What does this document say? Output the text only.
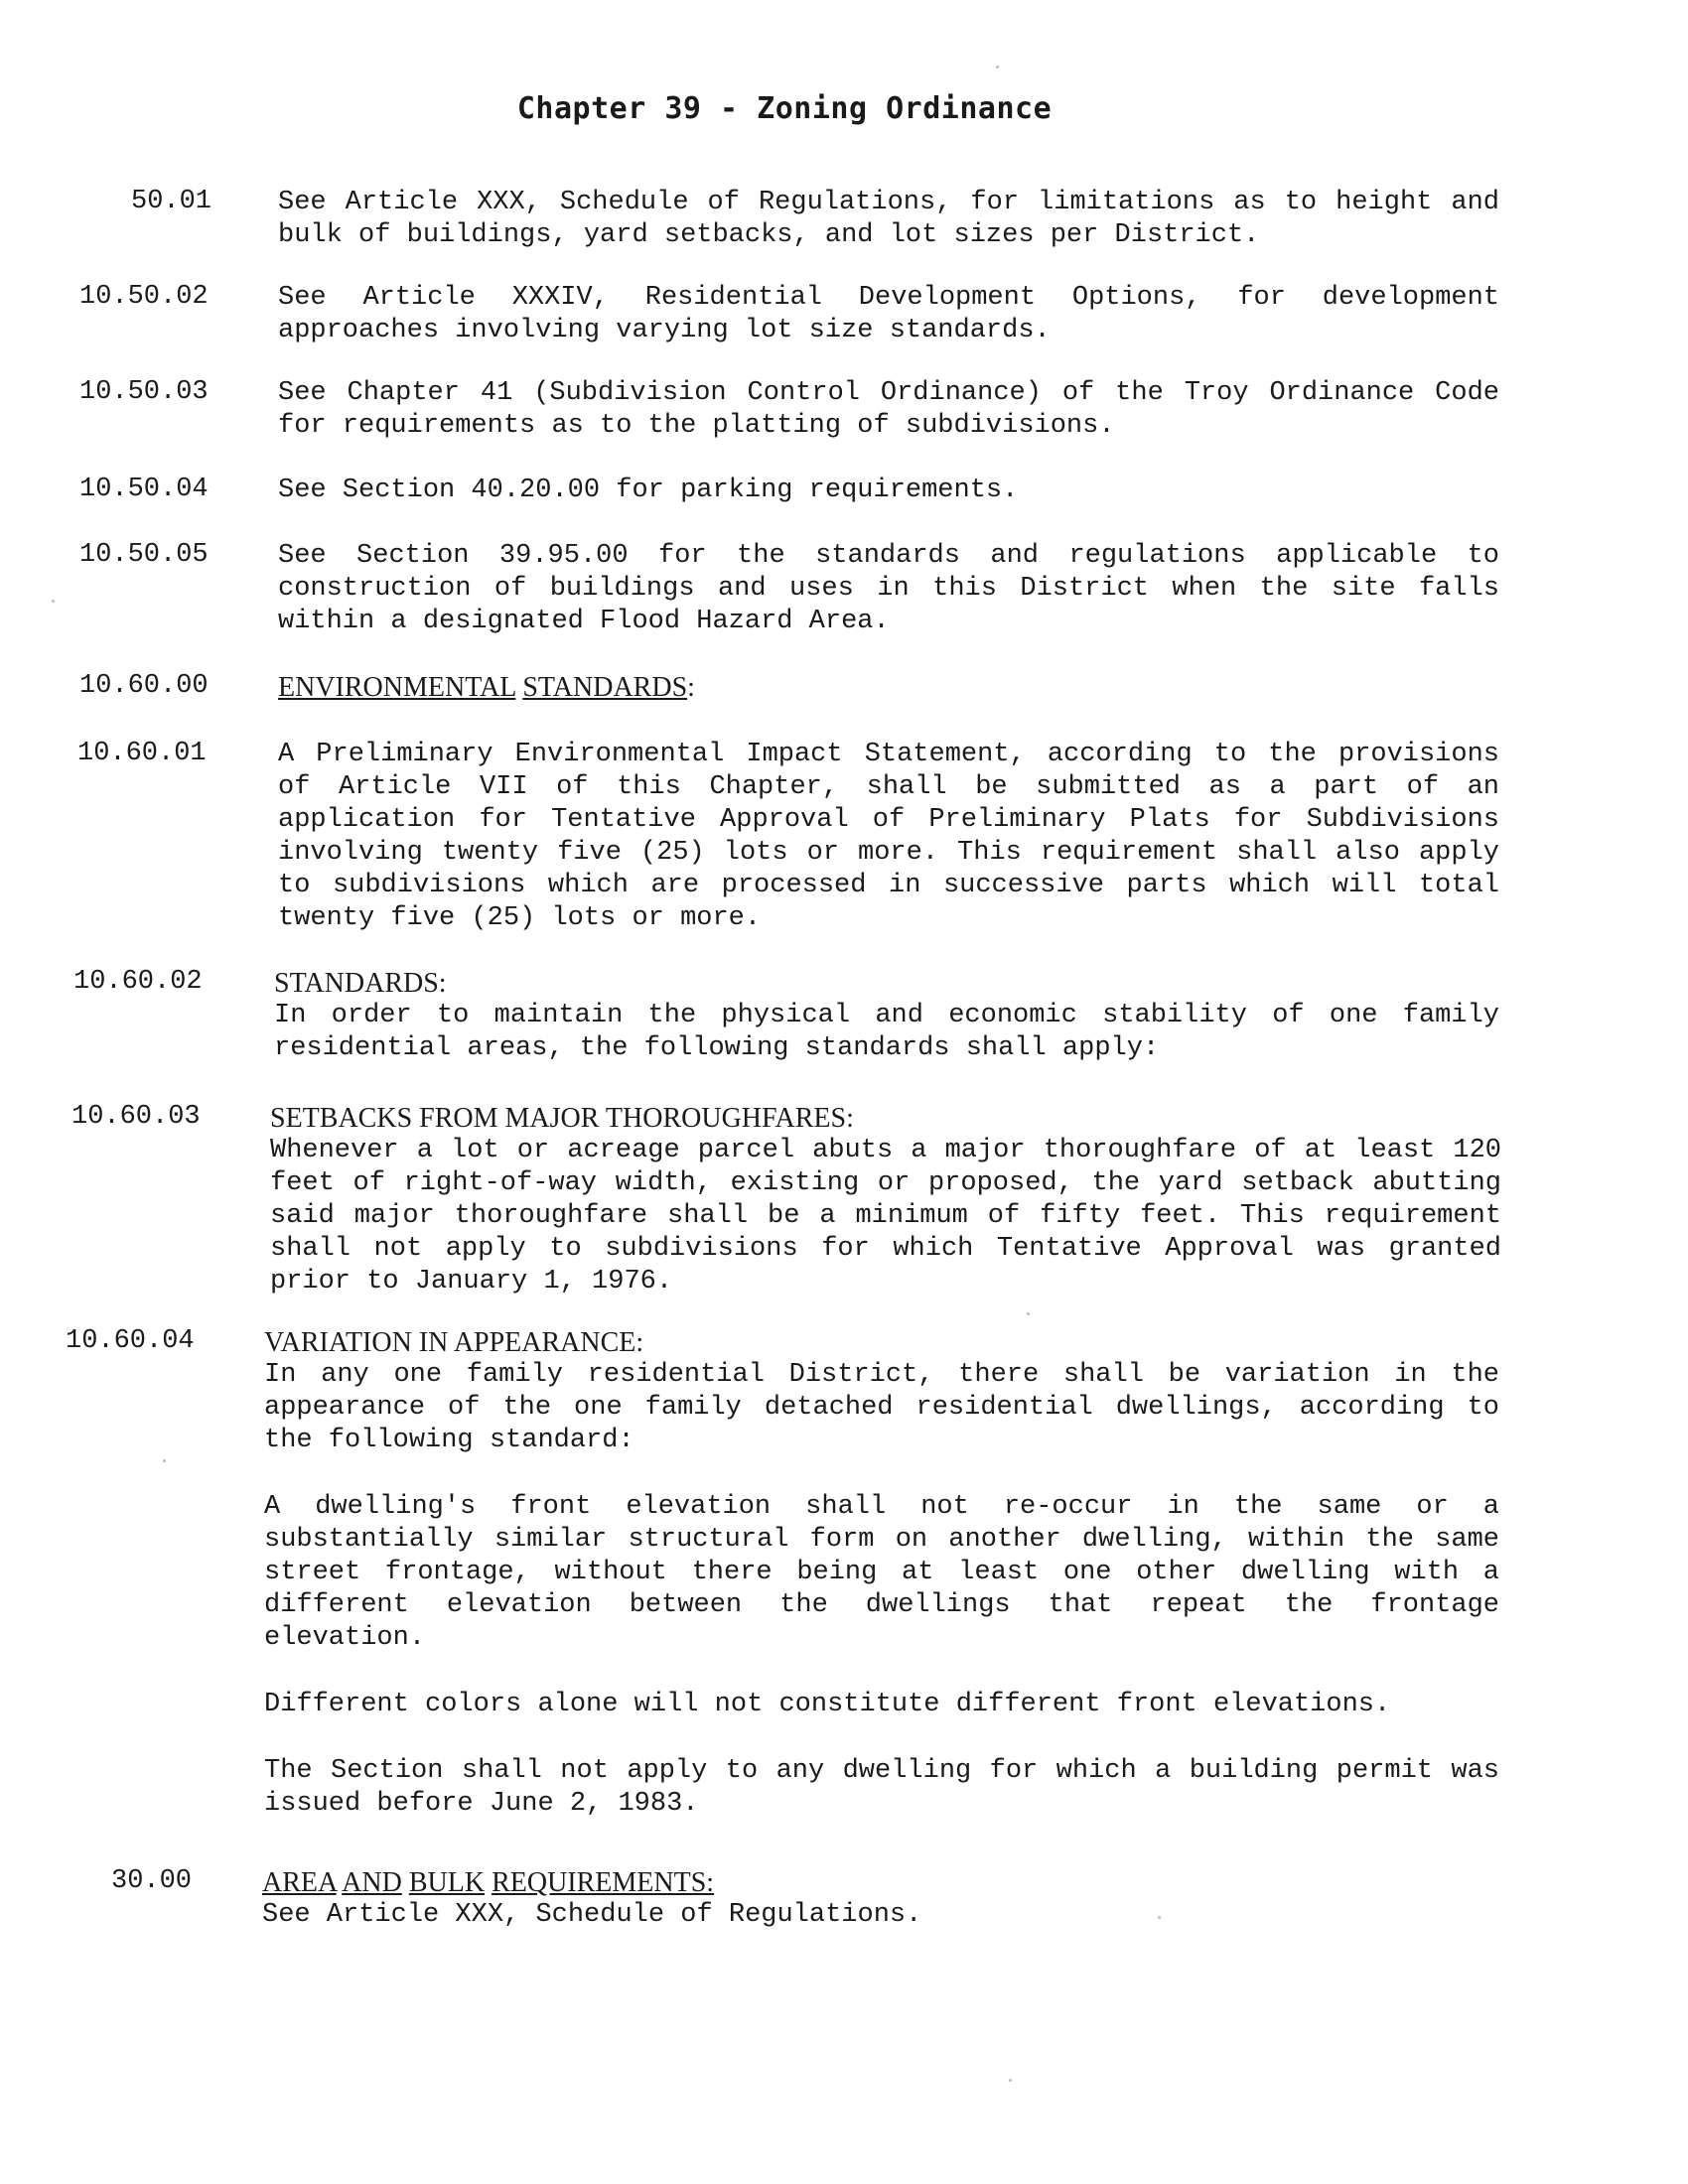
Chapter 39 - Zoning Ordinance
50.01	See Article XXX, Schedule of Regulations, for limitations as to height and bulk of buildings, yard setbacks, and lot sizes per District.

10.50.02	See Article XXXIV, Residential Development Options, for development approaches involving varying lot size standards.

10.50.03	See Chapter 41 (Subdivision Control Ordinance) of the Troy Ordinance Code for requirements as to the platting of subdivisions.

10.50.04	See Section 40.20.00 for parking requirements.

10.50.05	See Section 39.95.00 for the standards and regulations applicable to construction of buildings and uses in this District when the site falls within a designated Flood Hazard Area.

10.60.00	ENVIRONMENTAL STANDARDS:
10.60.01	A Preliminary Environmental Impact Statement, according to the provisions of Article VII of this Chapter, shall be submitted as a part of an application for Tentative Approval of Preliminary Plats for Subdivisions involving twenty five (25) lots or more. This requirement shall also apply to subdivisions which are processed in successive parts which will total twenty five (25) lots or more.

10.60.02	STANDARDS:

In order to maintain the physical and economic stability of one family residential areas, the following standards shall apply:

10.60.03	SETBACKS FROM MAJOR THOROUGHFARES:

Whenever a lot or acreage parcel abuts a major thoroughfare of at least 120 feet of right-of-way width, existing or proposed, the yard setback abutting said major thoroughfare shall be a minimum of fifty feet. This requirement shall not apply to subdivisions for which Tentative Approval was granted prior to January 1, 1976.

10.60.04	VARIATION IN APPEARANCE:

In any one family residential District, there shall be variation in the appearance of the one family detached residential dwellings, according to the following standard:

A dwelling's front elevation shall not re-occur in the same or a substantially similar structural form on another dwelling, within the same street frontage, without there being at least one other dwelling with a different elevation between the dwellings that repeat the frontage elevation.

Different colors alone will not constitute different front elevations.

The Section shall not apply to any dwelling for which a building permit was issued before June 2, 1983.

30.00	AREA AND BULK REQUIREMENTS:

See Article XXX, Schedule of Regulations.
